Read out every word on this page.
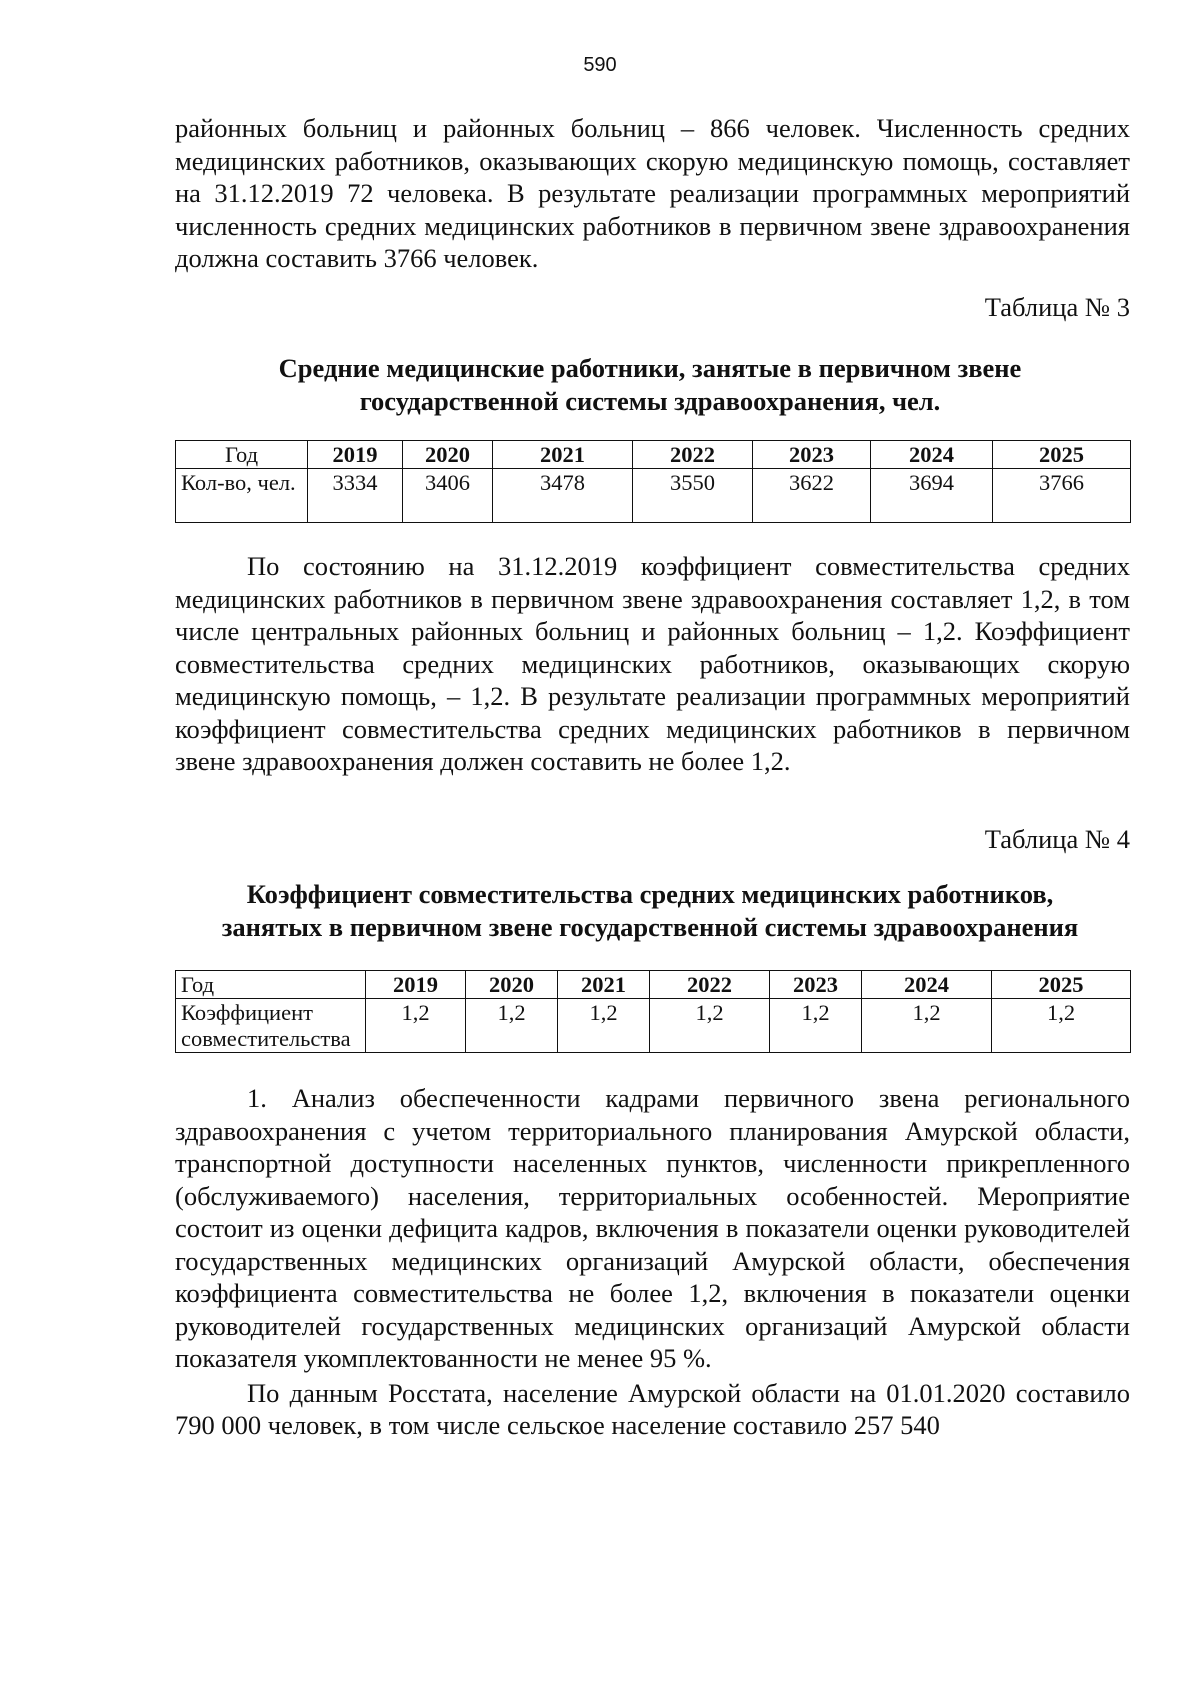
590

районных больниц и районных больниц – 866 человек. Численность средних медицинских работников, оказывающих скорую медицинскую помощь, составляет на 31.12.2019 72 человека. В результате реализации программных мероприятий численность средних медицинских работников в первичном звене здравоохранения должна составить 3766 человек.

Таблица № 3
Средние медицинские работники, занятые в первичном звене
государственной системы здравоохранения, чел.
Год	2019	2020	2021	2022	2023	2024	2025
Кол-во, чел.	3334	3406	3478	3550	3622	3694	3766

По состоянию на 31.12.2019 коэффициент совместительства средних медицинских работников в первичном звене здравоохранения составляет 1,2, в том числе центральных районных больниц и районных больниц – 1,2. Коэффициент совместительства средних медицинских работников, оказывающих скорую медицинскую помощь, – 1,2. В результате реализации программных мероприятий коэффициент совместительства средних медицинских работников в первичном звене здравоохранения должен составить не более 1,2.

Таблица № 4
Коэффициент совместительства средних медицинских работников,
занятых в первичном звене государственной системы здравоохранения
Год	2019	2020	2021	2022	2023	2024	2025
Коэффициент совместительства	1,2	1,2	1,2	1,2	1,2	1,2	1,2

1. Анализ обеспеченности кадрами первичного звена регионального здравоохранения с учетом территориального планирования Амурской области, транспортной доступности населенных пунктов, численности прикрепленного (обслуживаемого) населения, территориальных особенностей. Мероприятие состоит из оценки дефицита кадров, включения в показатели оценки руководителей государственных медицинских организаций Амурской области, обеспечения коэффициента совместительства не более 1,2, включения в показатели оценки руководителей государственных медицинских организаций Амурской области показателя укомплектованности не менее 95 %.

По данным Росстата, население Амурской области на 01.01.2020 составило 790 000 человек, в том числе сельское население составило 257 540
